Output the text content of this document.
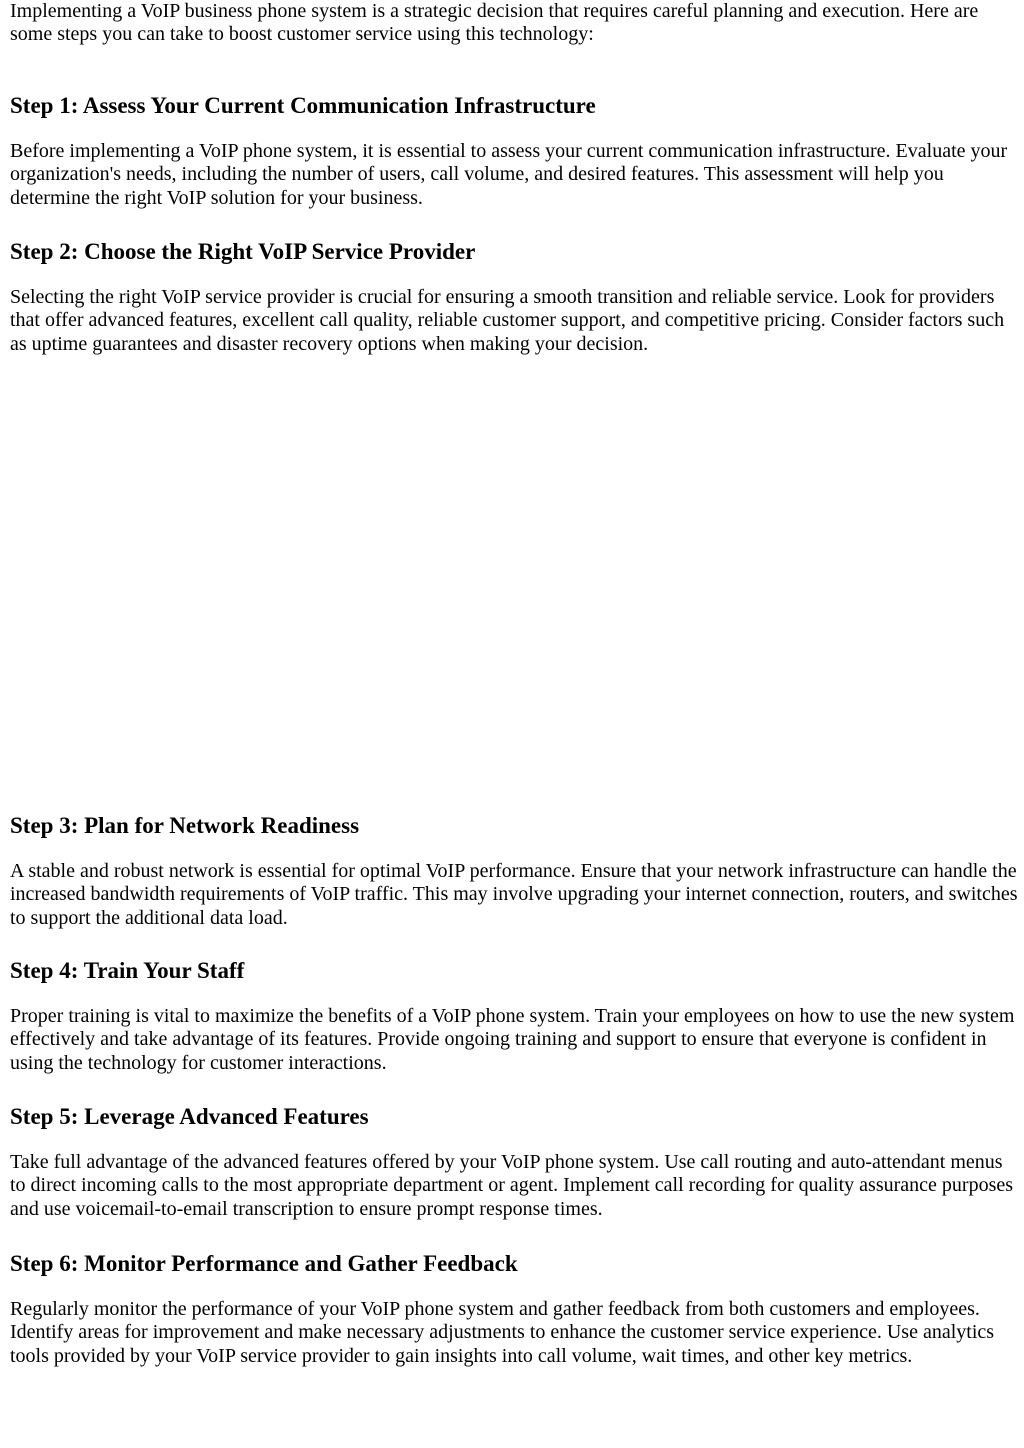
Implementing a VoIP business phone system is a strategic decision that requires careful planning and execution. Here are some steps you can take to boost customer service using this technology:

Step 1: Assess Your Current Communication Infrastructure

Before implementing a VoIP phone system, it is essential to assess your current communication infrastructure. Evaluate your organization's needs, including the number of users, call volume, and desired features. This assessment will help you determine the right VoIP solution for your business.

Step 2: Choose the Right VoIP Service Provider

Selecting the right VoIP service provider is crucial for ensuring a smooth transition and reliable service. Look for providers that offer advanced features, excellent call quality, reliable customer support, and competitive pricing. Consider factors such as uptime guarantees and disaster recovery options when making your decision.

Step 3: Plan for Network Readiness

A stable and robust network is essential for optimal VoIP performance. Ensure that your network infrastructure can handle the increased bandwidth requirements of VoIP traffic. This may involve upgrading your internet connection, routers, and switches to support the additional data load.

Step 4: Train Your Staff

Proper training is vital to maximize the benefits of a VoIP phone system. Train your employees on how to use the new system effectively and take advantage of its features. Provide ongoing training and support to ensure that everyone is confident in using the technology for customer interactions.

Step 5: Leverage Advanced Features

Take full advantage of the advanced features offered by your VoIP phone system. Use call routing and auto-attendant menus to direct incoming calls to the most appropriate department or agent. Implement call recording for quality assurance purposes and use voicemail-to-email transcription to ensure prompt response times.

Step 6: Monitor Performance and Gather Feedback

Regularly monitor the performance of your VoIP phone system and gather feedback from both customers and employees. Identify areas for improvement and make necessary adjustments to enhance the customer service experience. Use analytics tools provided by your VoIP service provider to gain insights into call volume, wait times, and other key metrics.
